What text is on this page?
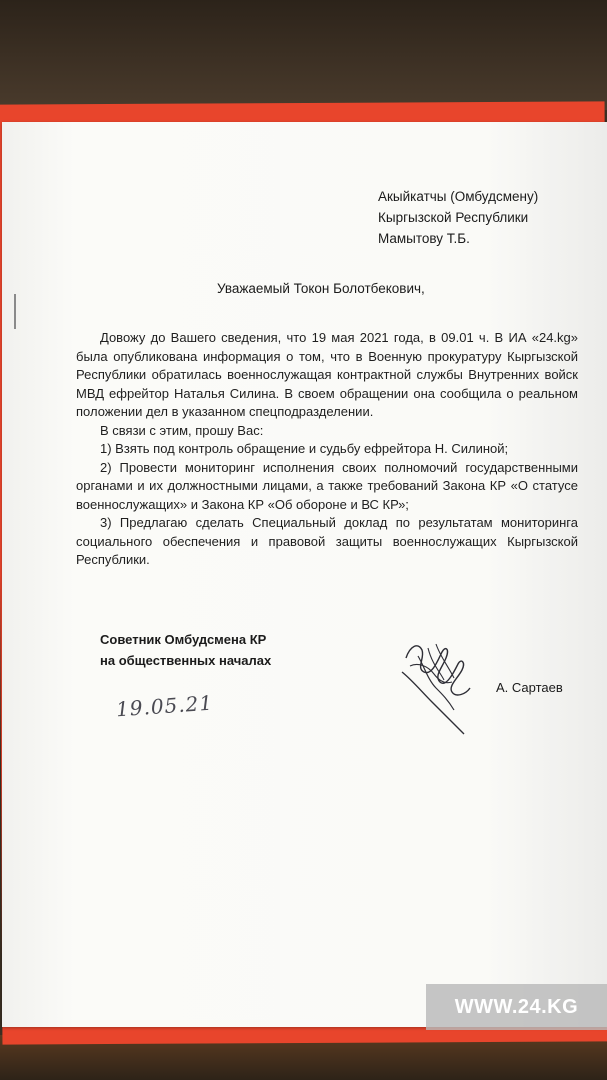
Акыйкатчы (Омбудсмену)
Кыргызской Республики
Мамытову Т.Б.
Уважаемый Токон Болотбекович,

Довожу до Вашего сведения, что 19 мая 2021 года, в 09.01 ч. В ИА «24.kg» была опубликована информация о том, что в Военную прокуратуру Кыргызской Республики обратилась военнослужащая контрактной службы Внутренних войск МВД ефрейтор Наталья Силина. В своем обращении она сообщила о реальном положении дел в указанном спецподразделении.

В связи с этим, прошу Вас:

1) Взять под контроль обращение и судьбу ефрейтора Н. Силиной;

2) Провести мониторинг исполнения своих полномочий государственными органами и их должностными лицами, а также требований Закона КР «О статусе военнослужащих» и Закона КР «Об обороне и ВС КР»;

3) Предлагаю сделать Специальный доклад по результатам мониторинга социального обеспечения и правовой защиты военнослужащих Кыргызской Республики.

Советник Омбудсмена КР
на общественных началах
А. Сартаев
19.05.21
WWW.24.KG
